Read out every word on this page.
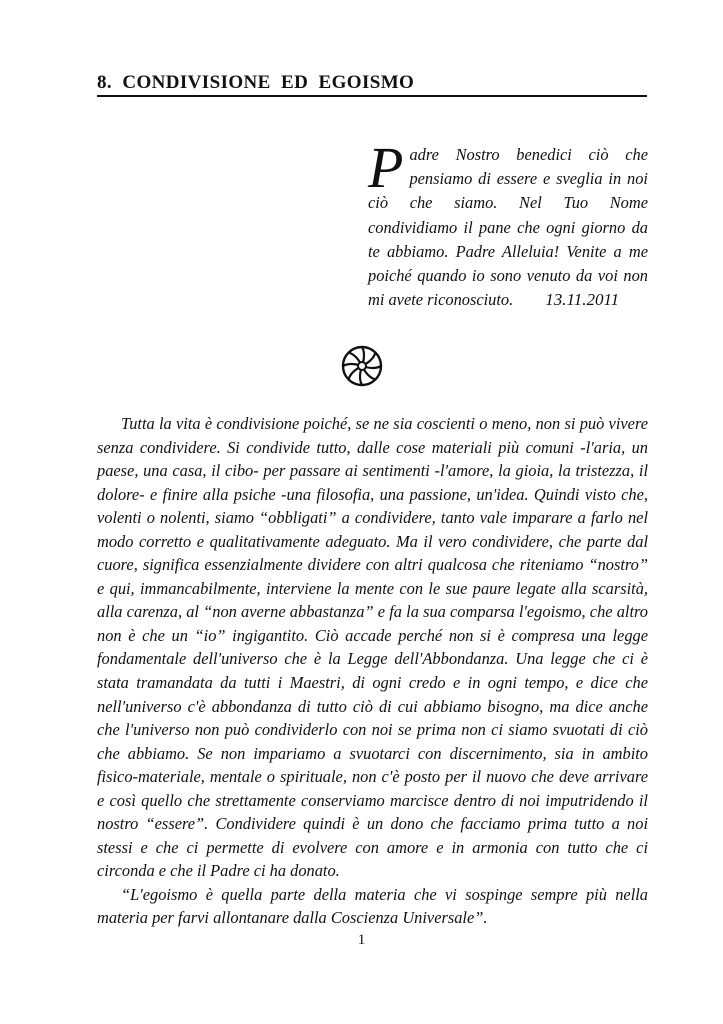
8.  CONDIVISIONE  ED  EGOISMO
Padre Nostro benedici ciò che pensiamo di essere e sveglia in noi ciò che siamo. Nel Tuo Nome condividiamo il pane che ogni giorno da te abbiamo. Padre Alleluia! Venite a me poiché quando io sono venuto da voi non mi avete riconosciuto. 13.11.2011

Tutta la vita è condivisione poiché, se ne sia coscienti o meno, non si può vivere senza condividere. Si condivide tutto, dalle cose materiali più comuni -l'aria, un paese, una casa, il cibo- per passare ai sentimenti -l'amore, la gioia, la tristezza, il dolore- e finire alla psiche -una filosofia, una passione, un'idea. Quindi visto che, volenti o nolenti, siamo “obbligati” a condividere, tanto vale imparare a farlo nel modo corretto e qualitativamente adeguato. Ma il vero condividere, che parte dal cuore, significa essenzialmente dividere con altri qualcosa che riteniamo “nostro” e qui, immancabilmente, interviene la mente con le sue paure legate alla scarsità, alla carenza, al “non averne abbastanza” e fa la sua comparsa l'egoismo, che altro non è che un “io” ingigantito. Ciò accade perché non si è compresa una legge fondamentale dell'universo che è la Legge dell'Abbondanza. Una legge che ci è stata tramandata da tutti i Maestri, di ogni credo e in ogni tempo, e dice che nell'universo c'è abbondanza di tutto ciò di cui abbiamo bisogno, ma dice anche che l'universo non può condividerlo con noi se prima non ci siamo svuotati di ciò che abbiamo. Se non impariamo a svuotarci con discernimento, sia in ambito fisico-materiale, mentale o spirituale, non c'è posto per il nuovo che deve arrivare e così quello che strettamente conserviamo marcisce dentro di noi imputridendo il nostro “essere”. Condividere quindi è un dono che facciamo prima tutto a noi stessi e che ci permette di evolvere con amore e in armonia con tutto che ci circonda e che il Padre ci ha donato.

“L'egoismo è quella parte della materia che vi sospinge sempre più nella materia per farvi allontanare dalla Coscienza Universale”.

1
